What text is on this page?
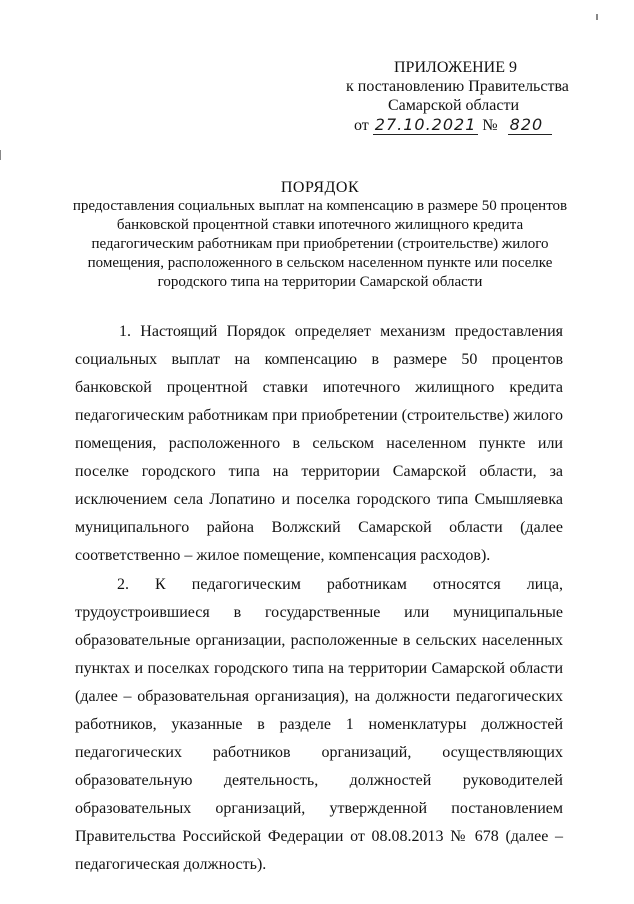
ПРИЛОЖЕНИЕ 9
к постановлению Правительства
Самарской области
от 27.10.2021 № 820
ПОРЯДОК
предоставления социальных выплат на компенсацию в размере 50 процентов банковской процентной ставки ипотечного жилищного кредита педагогическим работникам при приобретении (строительстве) жилого помещения, расположенного в сельском населенном пункте или поселке городского типа на территории Самарской области

1. Настоящий Порядок определяет механизм предоставления социальных выплат на компенсацию в размере 50 процентов банковской процентной ставки ипотечного жилищного кредита педагогическим работникам при приобретении (строительстве) жилого помещения, расположенного в сельском населенном пункте или поселке городского типа на территории Самарской области, за исключением села Лопатино и поселка городского типа Смышляевка муниципального района Волжский Самарской области (далее соответственно – жилое помещение, компенсация расходов).

2. К педагогическим работникам относятся лица, трудоустроившиеся в государственные или муниципальные образовательные организации, расположенные в сельских населенных пунктах и поселках городского типа на территории Самарской области (далее – образовательная организация), на должности педагогических работников, указанные в разделе 1 номенклатуры должностей педагогических работников организаций, осуществляющих образовательную деятельность, должностей руководителей образовательных организаций, утвержденной постановлением Правительства Российской Федерации от 08.08.2013 № 678 (далее – педагогическая должность).
